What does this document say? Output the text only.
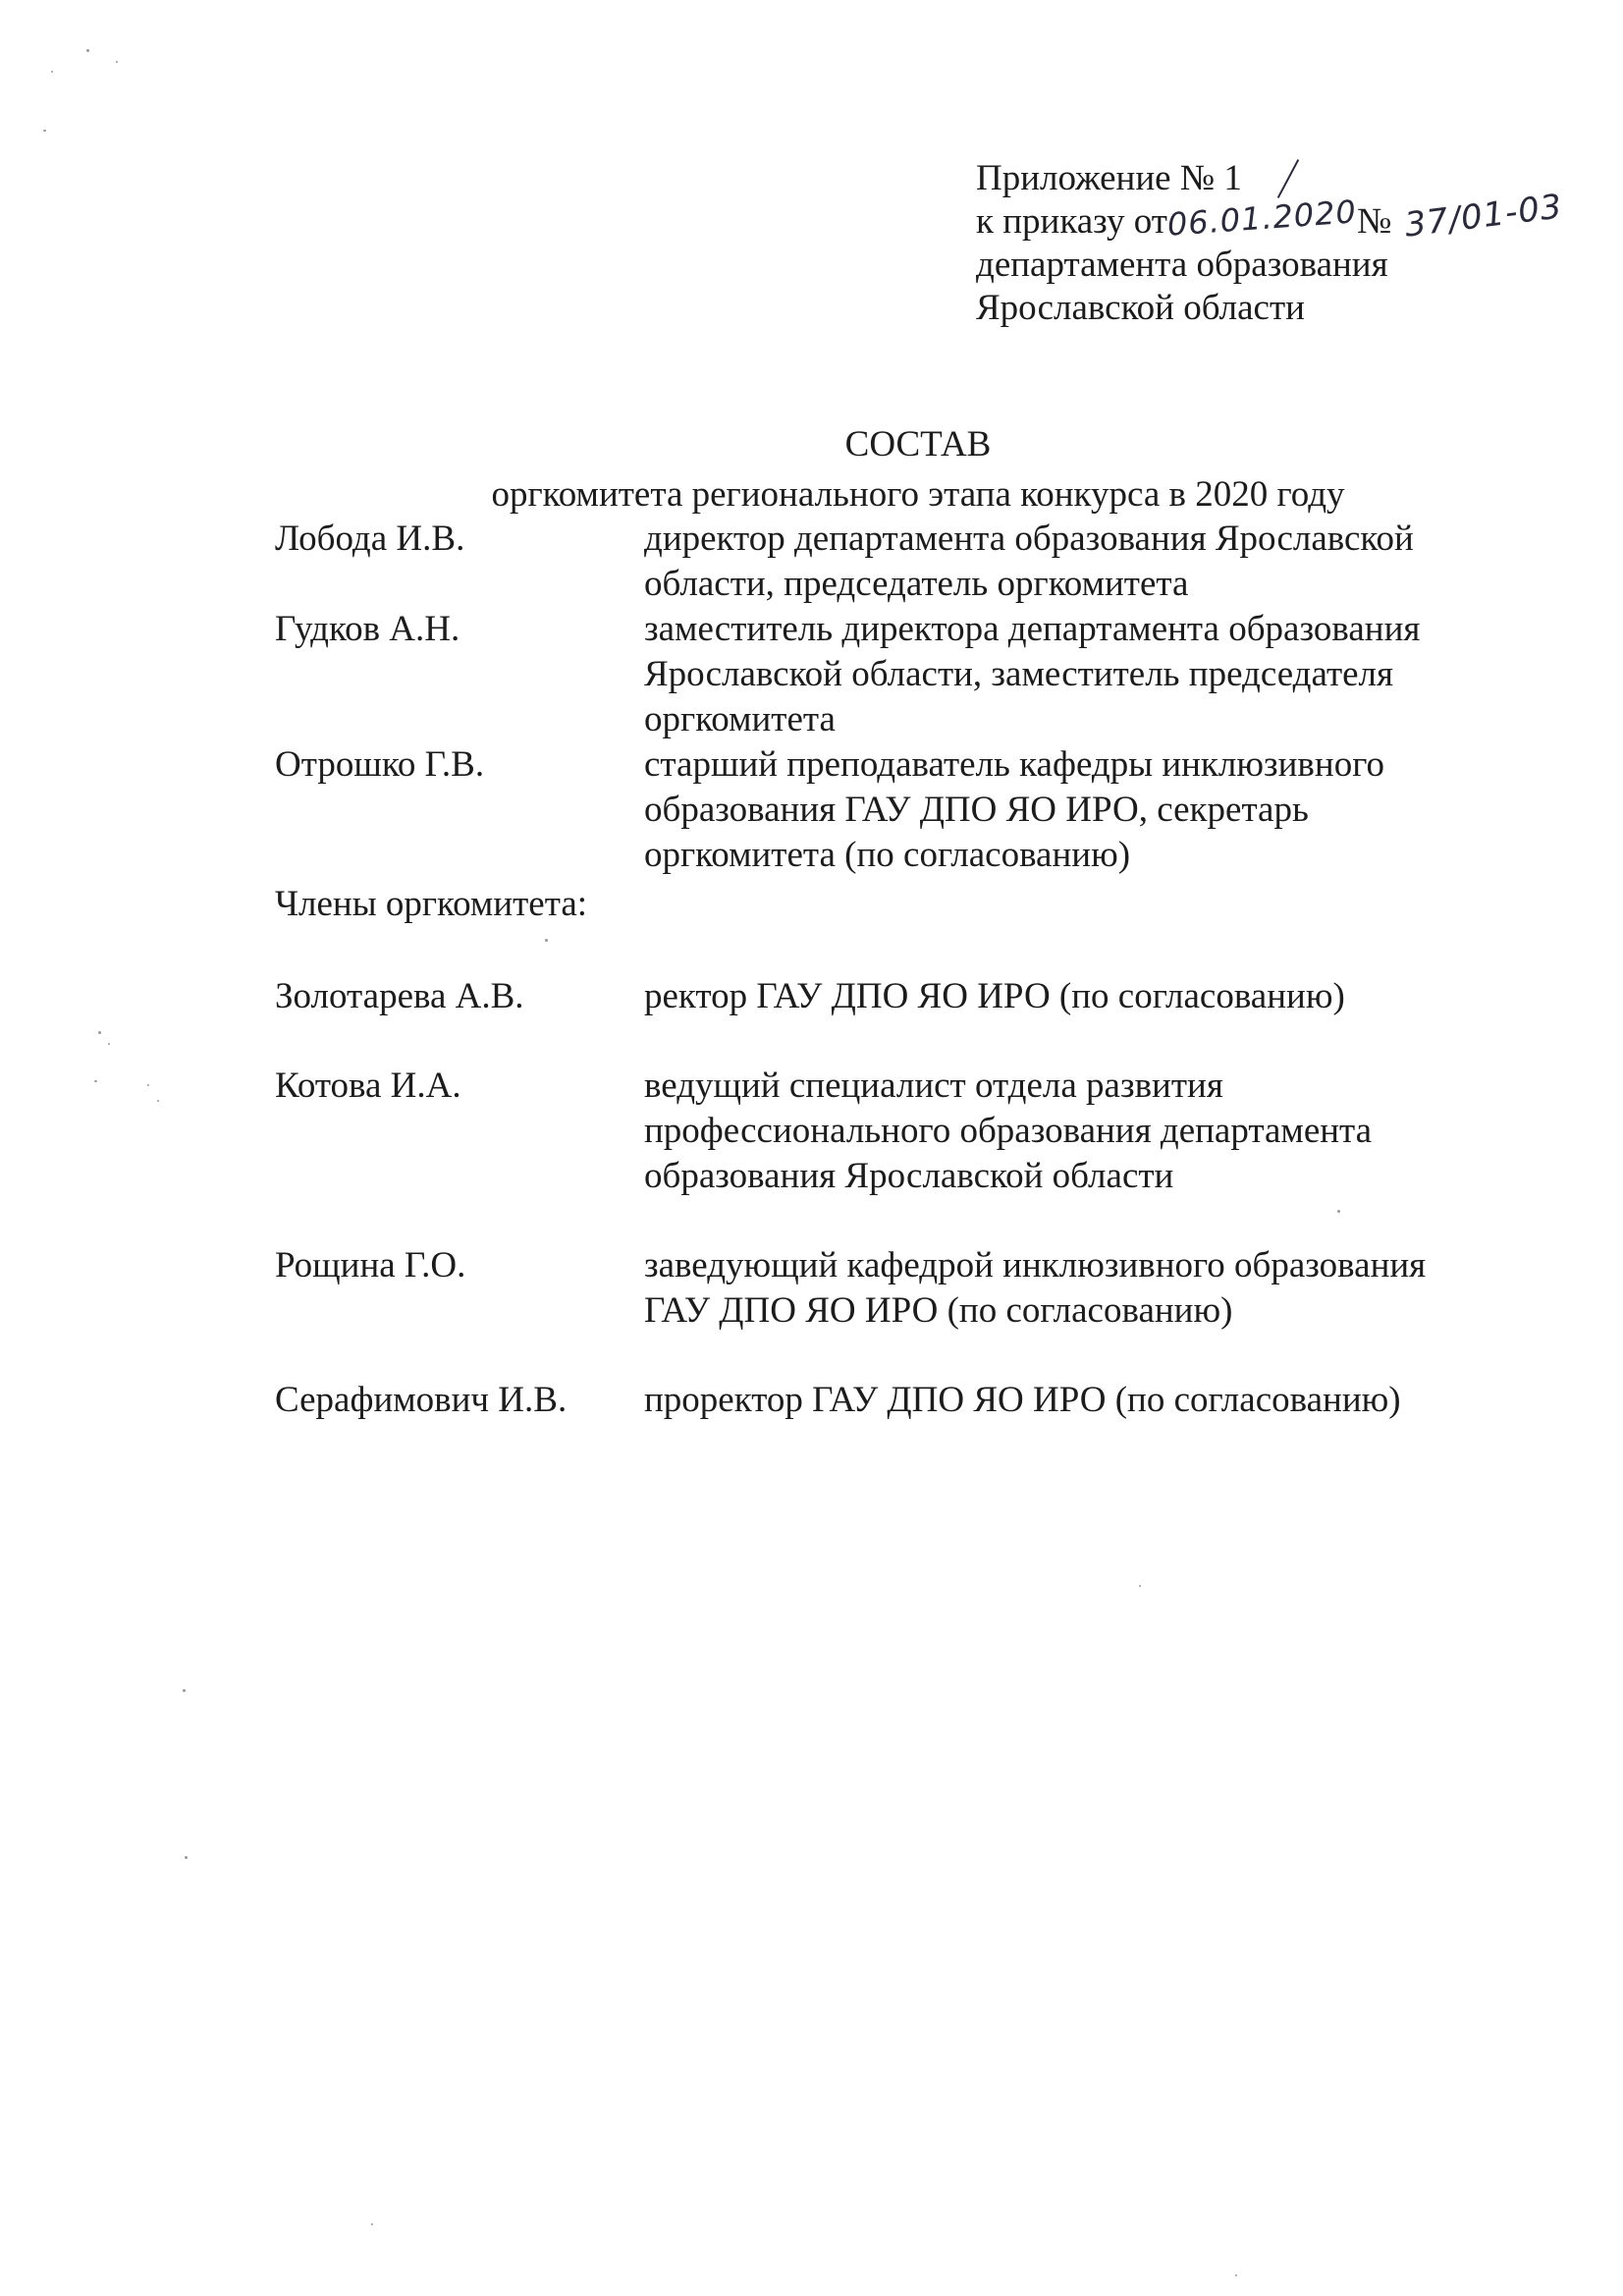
Приложение № 1
к приказу от06.01.2020№ 37/01-03
департамента образования
Ярославской области
СОСТАВ
оргкомитета регионального этапа конкурса в 2020 году
Лобода И.В.	директор департамента образования Ярославской
области, председатель оргкомитета
Гудков А.Н.	заместитель директора департамента образования
Ярославской области, заместитель председателя
оргкомитета
Отрошко Г.В.	старший преподаватель кафедры инклюзивного
образования ГАУ ДПО ЯО ИРО, секретарь
оргкомитета (по согласованию)
Члены оргкомитета:
Золотарева А.В.	ректор ГАУ ДПО ЯО ИРО (по согласованию)
Котова И.А.	ведущий специалист отдела развития
профессионального образования департамента
образования Ярославской области
Рощина Г.О.	заведующий кафедрой инклюзивного образования
ГАУ ДПО ЯО ИРО (по согласованию)
Серафимович И.В.	проректор ГАУ ДПО ЯО ИРО (по согласованию)
